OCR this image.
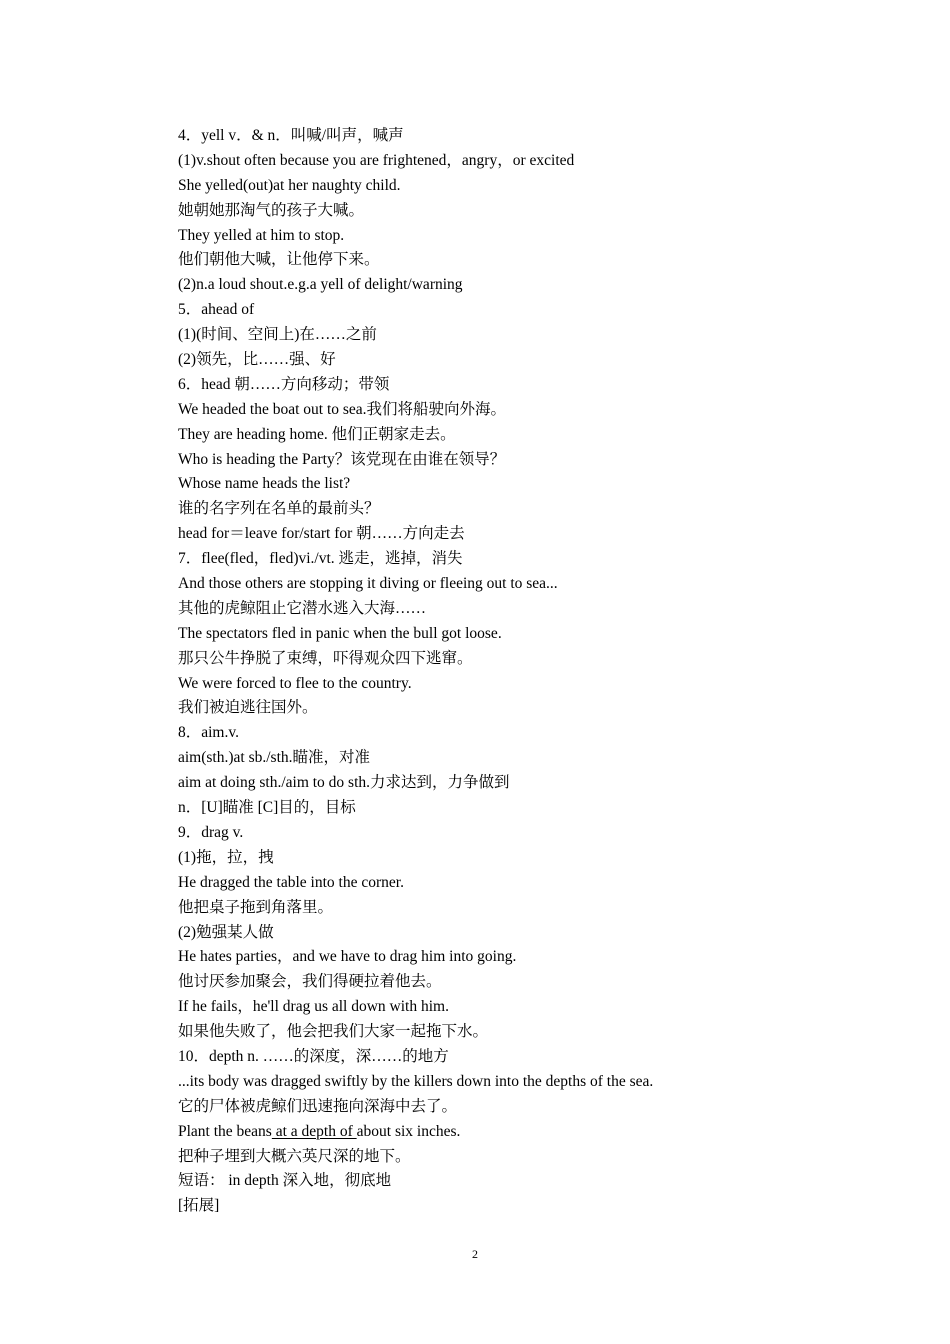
4．yell v．& n．叫喊/叫声，喊声
(1)v.shout often because you are frightened，angry，or excited
She yelled(out)at her naughty child.
她朝她那淘气的孩子大喊。
They yelled at him to stop.
他们朝他大喊，让他停下来。
(2)n.a loud shout.e.g.a yell of delight/warning
5．ahead of
(1)(时间、空间上)在……之前
(2)领先，比……强、好
6．head 朝……方向移动；带领
We headed the boat out to sea.我们将船驶向外海。
They are heading home. 他们正朝家走去。
Who is heading the Party？该党现在由谁在领导？
Whose name heads the list?
谁的名字列在名单的最前头？
head for＝leave for/start for 朝……方向走去
7．flee(fled，fled)vi./vt. 逃走，逃掉，消失
And those others are stopping it diving or fleeing out to sea...
其他的虎鲸阻止它潜水逃入大海……
The spectators fled in panic when the bull got loose.
那只公牛挣脱了束缚，吓得观众四下逃窜。
We were forced to flee to the country.
我们被迫逃往国外。
8．aim.v.
aim(sth.)at sb./sth.瞄准，对准
aim at doing sth./aim to do sth.力求达到，力争做到
n．[U]瞄准 [C]目的，目标
9．drag v.
(1)拖，拉，拽
He dragged the table into the corner.
他把桌子拖到角落里。
(2)勉强某人做
He hates parties，and we have to drag him into going.
他讨厌参加聚会，我们得硬拉着他去。
If he fails，he'll drag us all down with him.
如果他失败了，他会把我们大家一起拖下水。
10．depth n. ……的深度，深……的地方
...its body was dragged swiftly by the killers down into the depths of the sea.
它的尸体被虎鲸们迅速拖向深海中去了。
Plant the beans at a depth of about six inches.
把种子埋到大概六英尺深的地下。
短语： in depth 深入地，彻底地
[拓展]
2
